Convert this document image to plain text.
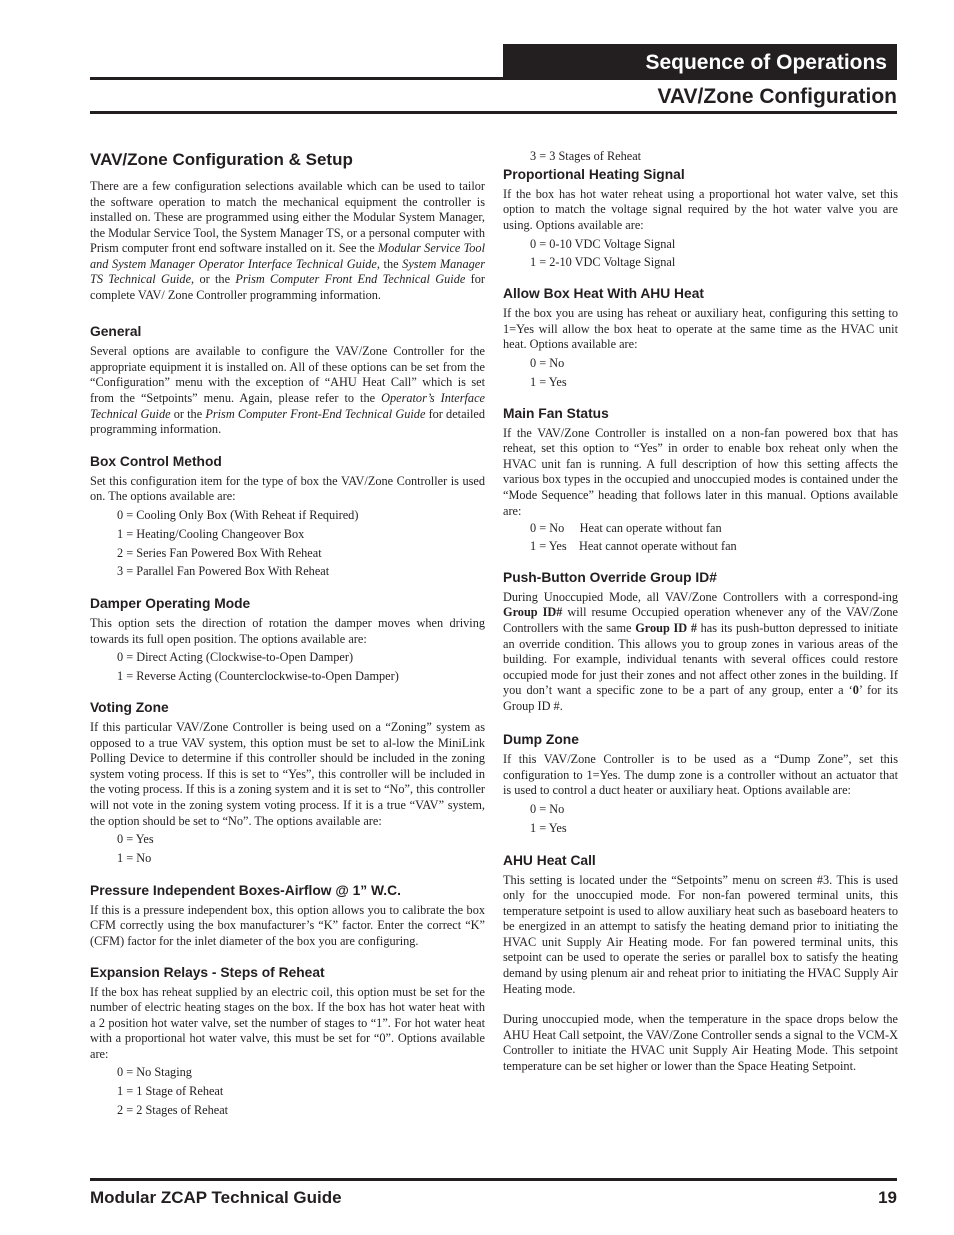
Sequence of Operations
VAV/Zone Configuration
VAV/Zone Configuration & Setup

There are a few configuration selections available which can be used to tailor the software operation to match the mechanical equipment the controller is installed on. These are programmed using either the Modular System Manager, the Modular Service Tool, the System Manager TS, or a personal computer with Prism computer front end software installed on it. See the Modular Service Tool and System Manager Operator Interface Technical Guide, the System Manager TS Technical Guide, or the Prism Computer Front End Technical Guide for complete VAV/ Zone Controller programming information.

General

Several options are available to configure the VAV/Zone Controller for the appropriate equipment it is installed on. All of these options can be set from the “Configuration” menu with the exception of “AHU Heat Call” which is set from the “Setpoints” menu. Again, please refer to the Operator’s Interface Technical Guide or the Prism Computer Front-End Technical Guide for detailed programming information.

Box Control Method

Set this configuration item for the type of box the VAV/Zone Controller is used on. The options available are:

0 = Cooling Only Box (With Reheat if Required)
1 = Heating/Cooling Changeover Box
2 = Series Fan Powered Box With Reheat
3 = Parallel Fan Powered Box With Reheat
Damper Operating Mode

This option sets the direction of rotation the damper moves when driving towards its full open position. The options available are:

0 = Direct Acting (Clockwise-to-Open Damper)
1 = Reverse Acting (Counterclockwise-to-Open Damper)
Voting Zone

If this particular VAV/Zone Controller is being used on a “Zoning” system as opposed to a true VAV system, this option must be set to al-low the MiniLink Polling Device to determine if this controller should be included in the zoning system voting process. If this is set to “Yes”, this controller will be included in the voting process. If this is a zoning system and it is set to “No”, this controller will not vote in the zoning system voting process. If it is a true “VAV” system, the option should be set to “No”. The options available are:

0 = Yes
1 = No
Pressure Independent Boxes-Airflow @ 1” W.C.

If this is a pressure independent box, this option allows you to calibrate the box CFM correctly using the box manufacturer’s “K” factor. Enter the correct “K” (CFM) factor for the inlet diameter of the box you are configuring.

Expansion Relays - Steps of Reheat

If the box has reheat supplied by an electric coil, this option must be set for the number of electric heating stages on the box. If the box has hot water heat with a 2 position hot water valve, set the number of stages to “1”. For hot water heat with a proportional hot water valve, this must be set for “0”. Options available are:

0 = No Staging
1 = 1 Stage of Reheat
2 = 2 Stages of Reheat
3 = 3 Stages of Reheat
Proportional Heating Signal

If the box has hot water reheat using a proportional hot water valve, set this option to match the voltage signal required by the hot water valve you are using. Options available are:

0 = 0-10 VDC Voltage Signal
1 = 2-10 VDC Voltage Signal
Allow Box Heat With AHU Heat

If the box you are using has reheat or auxiliary heat, configuring this setting to 1=Yes will allow the box heat to operate at the same time as the HVAC unit heat. Options available are:

0 = No
1 = Yes
Main Fan Status

If the VAV/Zone Controller is installed on a non-fan powered box that has reheat, set this option to “Yes” in order to enable box reheat only when the HVAC unit fan is running. A full description of how this setting affects the various box types in the occupied and unoccupied modes is contained under the “Mode Sequence” heading that follows later in this manual. Options available are:

0 = No     Heat can operate without fan
1 = Yes    Heat cannot operate without fan
Push-Button Override Group ID#

During Unoccupied Mode, all VAV/Zone Controllers with a correspond-ing Group ID# will resume Occupied operation whenever any of the VAV/Zone Controllers with the same Group ID # has its push-button depressed to initiate an override condition. This allows you to group zones in various areas of the building. For example, individual tenants with several offices could restore occupied mode for just their zones and not affect other zones in the building. If you don’t want a specific zone to be a part of any group, enter a ‘0’ for its Group ID #.

Dump Zone

If this VAV/Zone Controller is to be used as a “Dump Zone”, set this configuration to 1=Yes. The dump zone is a controller without an actuator that is used to control a duct heater or auxiliary heat. Options available are:

0 = No
1 = Yes
AHU Heat Call

This setting is located under the “Setpoints” menu on screen #3. This is used only for the unoccupied mode. For non-fan powered terminal units, this temperature setpoint is used to allow auxiliary heat such as baseboard heaters to be energized in an attempt to satisfy the heating demand prior to initiating the HVAC unit Supply Air Heating mode. For fan powered terminal units, this setpoint can be used to operate the series or parallel box to satisfy the heating demand by using plenum air and reheat prior to initiating the HVAC Supply Air Heating mode.

During unoccupied mode, when the temperature in the space drops below the AHU Heat Call setpoint, the VAV/Zone Controller sends a signal to the VCM-X Controller to initiate the HVAC unit Supply Air Heating Mode. This setpoint temperature can be set higher or lower than the Space Heating Setpoint.

Modular ZCAP Technical Guide	19
